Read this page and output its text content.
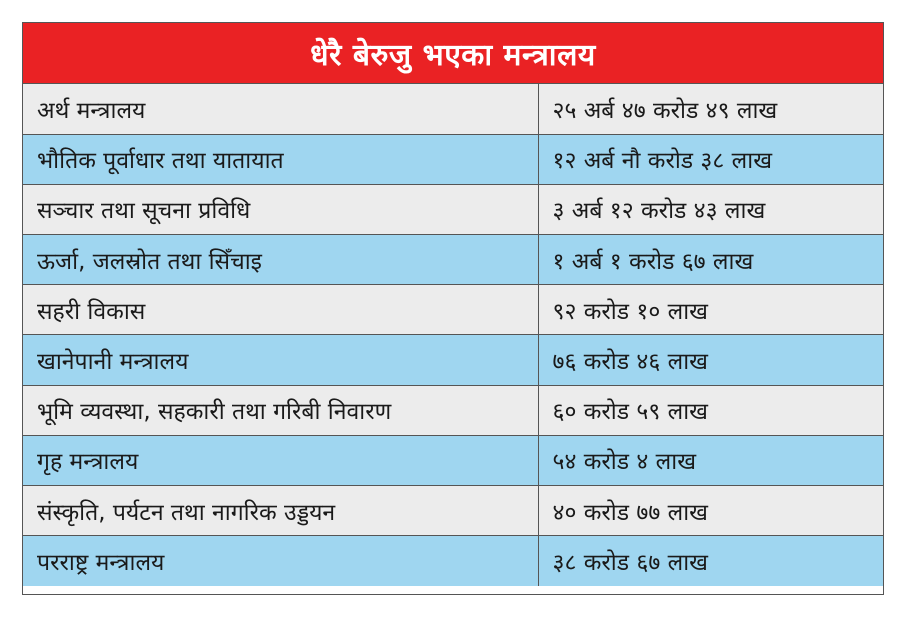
धेरै बेरुजु भएका मन्त्रालय
अर्थ मन्त्रालय	२५ अर्ब ४७ करोड ४९ लाख
भौतिक पूर्वाधार तथा यातायात	१२ अर्ब नौ करोड ३८ लाख
सञ्चार तथा सूचना प्रविधि	३ अर्ब १२ करोड ४३ लाख
ऊर्जा, जलस्रोत तथा सिँचाइ	१ अर्ब १ करोड ६७ लाख
सहरी विकास	९२ करोड १० लाख
खानेपानी मन्त्रालय	७६ करोड ४६ लाख
भूमि व्यवस्था, सहकारी तथा गरिबी निवारण	६० करोड ५९ लाख
गृह मन्त्रालय	५४ करोड ४ लाख
संस्कृति, पर्यटन तथा नागरिक उड्डयन	४० करोड ७७ लाख
परराष्ट्र मन्त्रालय	३८ करोड ६७ लाख
